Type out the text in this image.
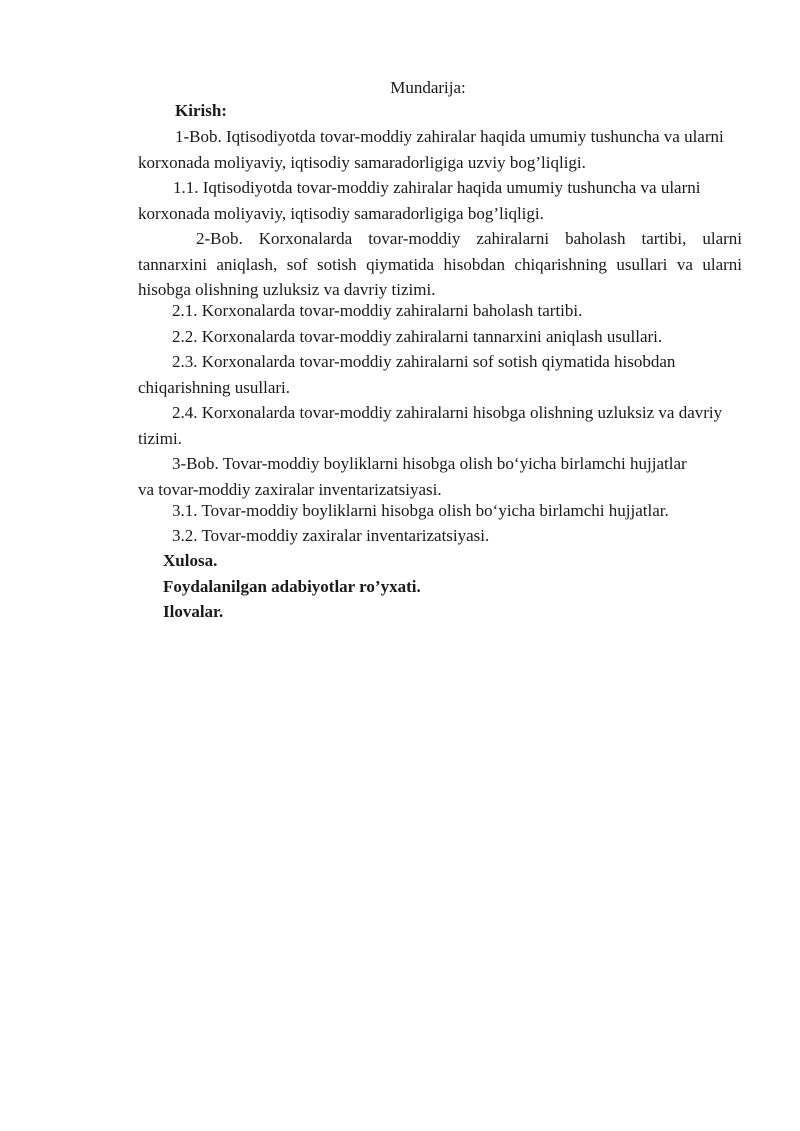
Mundarija:

Kirish:

1-Bob. Iqtisodiyotda tovar-moddiy zahiralar haqida umumiy tushuncha va ularni korxonada moliyaviy, iqtisodiy samaradorligiga uzviy bog’liqligi.

1.1. Iqtisodiyotda tovar-moddiy zahiralar haqida umumiy tushuncha va ularni korxonada moliyaviy, iqtisodiy samaradorligiga bog’liqligi.

2-Bob. Korxonalarda tovar-moddiy zahiralarni baholash tartibi, ularni tannarxini aniqlash, sof sotish qiymatida hisobdan chiqarishning usullari va ularni hisobga olishning uzluksiz va davriy tizimi.

2.1. Korxonalarda tovar-moddiy zahiralarni baholash tartibi.

2.2. Korxonalarda tovar-moddiy zahiralarni tannarxini aniqlash usullari.

2.3. Korxonalarda tovar-moddiy zahiralarni sof sotish qiymatida hisobdan chiqarishning usullari.

2.4. Korxonalarda tovar-moddiy zahiralarni hisobga olishning uzluksiz va davriy tizimi.

3-Bob. Tovar-moddiy boyliklarni hisobga olish bo‘yicha birlamchi hujjatlar va tovar-moddiy zaxiralar inventarizatsiyasi.

3.1. Tovar-moddiy boyliklarni hisobga olish bo‘yicha birlamchi hujjatlar.

3.2. Tovar-moddiy zaxiralar inventarizatsiyasi.

Xulosa.

Foydalanilgan adabiyotlar ro’yxati.

Ilovalar.
